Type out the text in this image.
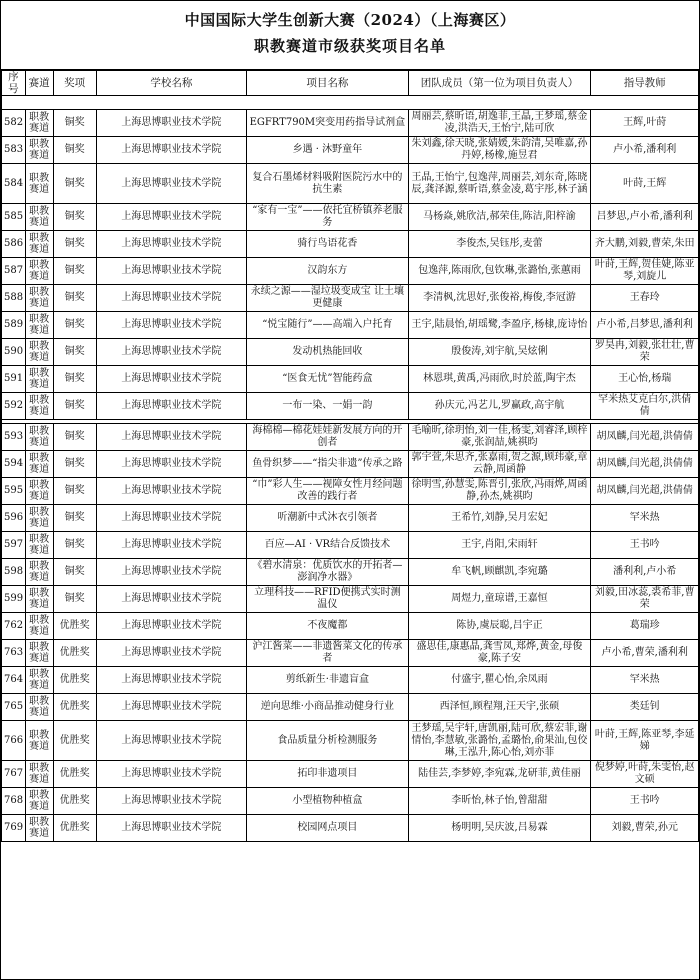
中国国际大学生创新大赛（2024）（上海赛区）
职教赛道市级获奖项目名单
序号	赛道	奖项	学校名称	项目名称	团队成员（第一位为项目负责人）	指导教师

582	职教赛道	铜奖	上海思博职业技术学院	EGFRT790M突变用药指导试剂盒	周丽芸,蔡昕语,胡逸菲,王晶,王梦瑶,蔡金凌,洪浩天,王怡宁,陆可欣	王辉,叶莳
583	职教赛道	铜奖	上海思博职业技术学院	乡遇 · 沐野童年	朱刘鑫,徐天晓,张婧媛,朱韵清,吴唯嘉,孙丹婷,杨橡,施昱君	卢小希,潘利利
584	职教赛道	铜奖	上海思博职业技术学院	复合石墨烯材料吸附医院污水中的抗生素	王晶,王怡宁,包逸萍,周丽芸,刘东奇,陈晓辰,龚泽源,蔡昕语,蔡金凌,葛宇彤,林子涵	叶莳,王辉
585	职教赛道	铜奖	上海思博职业技术学院	“家有一宝”——依托宜桥镇养老服务	马杨焱,姚欣洁,郝荣佳,陈洁,阳梓渝	吕梦思,卢小希,潘利利
586	职教赛道	铜奖	上海思博职业技术学院	骑行鸟语花香	李俊杰,吴钰彤,麦蕾	齐大鹏,刘毅,曹荣,朱田
587	职教赛道	铜奖	上海思博职业技术学院	汉韵东方	包逸萍,陈雨欣,包钦琳,张潞怡,张蕙雨	叶莳,王辉,贺佳婕,陈亚琴,刘旋儿
588	职教赛道	铜奖	上海思博职业技术学院	永续之源——湿垃圾变成宝 让土壤更健康	李清枫,沈思好,张俊裕,梅俊,李冠游	王春玲
589	职教赛道	铜奖	上海思博职业技术学院	“悦宝随行”——高端入户托育	王宇,陆晨怡,胡瑶鹭,李盈序,杨棣,庞诗怡	卢小希,吕梦思,潘利利
590	职教赛道	铜奖	上海思博职业技术学院	发动机热能回收	殷俊涛,刘宇航,吴炫俐	罗昊冉,刘毅,张壮壮,曹荣
591	职教赛道	铜奖	上海思博职业技术学院	“医食无忧”智能药盒	林恩琪,黄禹,冯雨欣,时於蓝,陶宇杰	王心怡,杨瑞
592	职教赛道	铜奖	上海思博职业技术学院	一布一染、一娟一韵	孙庆元,冯艺儿,罗赢政,高宇航	罕米热艾克白尔,洪倩倩

593	职教赛道	铜奖	上海思博职业技术学院	海棉棉—棉花娃娃新发展方向的开创者	毛喻昕,徐玥怡,刘一佳,杨雯,刘睿泽,顾梓豪,张润喆,姚祺昀	胡凤麟,闫光超,洪倩倩
594	职教赛道	铜奖	上海思博职业技术学院	鱼骨织梦——“指尖非遗”传承之路	郭宇萱,朱思齐,张嘉雨,贺之源,顾玮豪,章云静,周函静	胡凤麟,闫光超,洪倩倩
595	职教赛道	铜奖	上海思博职业技术学院	“巾”彩人生——视障女性月经问题改善的践行者	徐明雪,孙慧雯,陈晋引,张欣,冯雨烨,周函静,孙杰,姚祺昀	胡凤麟,闫光超,洪倩倩
596	职教赛道	铜奖	上海思博职业技术学院	听潮新中式沐衣引领者	王希竹,刘静,吴月宏妃	罕米热
597	职教赛道	铜奖	上海思博职业技术学院	百应—AI · VR结合反馈技术	王宇,肖阳,宋雨轩	王书吟
598	职教赛道	铜奖	上海思博职业技术学院	《碧水清泉：优质饮水的开拓者—澎润净水器》	牟飞帆,顾麒凯,李宛璐	潘利利,卢小希
599	职教赛道	铜奖	上海思博职业技术学院	立理科技——RFID便携式实时测温仪	周煜力,童琼谱,王嘉恒	刘毅,田冰蕊,裘希菲,曹荣
762	职教赛道	优胜奖	上海思博职业技术学院	不夜魔都	陈协,虞辰聪,吕宇正	葛瑞珍
763	职教赛道	优胜奖	上海思博职业技术学院	沪江酱菜——非遗酱菜文化的传承者	盛思佳,康惠晶,龚雪凤,郑烨,黄金,母俊豪,陈子安	卢小希,曹荣,潘利利
764	职教赛道	优胜奖	上海思博职业技术学院	剪纸新生·非遗盲盒	付盛宇,瞿心怡,余凤雨	罕米热
765	职教赛道	优胜奖	上海思博职业技术学院	逆向思维·小商品推动健身行业	西泽恒,顾程翔,汪天宇,张硕	类廷钊
766	职教赛道	优胜奖	上海思博职业技术学院	食品质量分析检测服务	王梦瑶,吴宇轩,唐凯丽,陆可欣,蔡宏菲,谢情怡,李慧敏,张潞怡,孟璐怡,俞果汕,包佼琳,王泓升,陈心怡,刘亦菲	叶莳,王辉,陈亚琴,李延娣
767	职教赛道	优胜奖	上海思博职业技术学院	拓印非遗项目	陆佳芸,李梦婷,李宛霖,龙研菲,黄佳丽	倪梦婷,叶莳,朱雯怡,赵文硕
768	职教赛道	优胜奖	上海思博职业技术学院	小型植物种植盒	李昕怡,林子怡,曾甜甜	王书吟
769	职教赛道	优胜奖	上海思博职业技术学院	校园网点项目	杨明明,吴庆波,吕易霖	刘毅,曹荣,孙元
